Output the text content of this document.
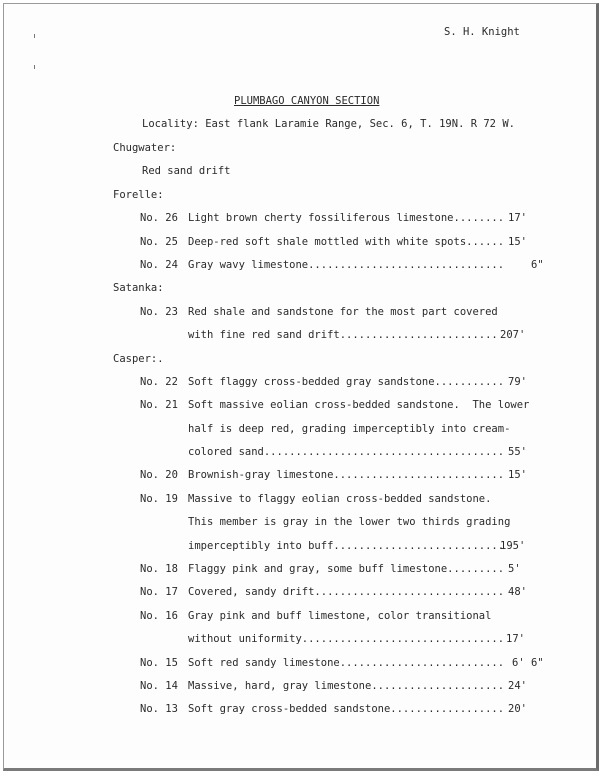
S. H. Knight
PLUMBAGO CANYON SECTION
Locality: East flank Laramie Range, Sec. 6, T. 19N. R 72 W.
Chugwater:
Red sand drift
Forelle:
No. 26 Light brown cherty fossiliferous limestone........ 17'
No. 25 Deep-red soft shale mottled with white spots...... 15'
No. 24 Gray wavy limestone...............................	6"
Satanka:
No. 23 Red shale and sandstone for the most part covered
with fine red sand drift......................... 207'
Casper:.
No. 22 Soft flaggy cross-bedded gray sandstone........... 79'
No. 21 Soft massive eolian cross-bedded sandstone.  The lower
half is deep red, grading imperceptibly into cream-
colored sand...................................... 55'
No. 20 Brownish-gray limestone........................... 15'
No. 19 Massive to flaggy eolian cross-bedded sandstone.
This member is gray in the lower two thirds grading
imperceptibly into buff...........................
195'
No. 18 Flaggy pink and gray, some buff limestone......... 5'
No. 17 Covered, sandy drift.............................. 48'
No. 16 Gray pink and buff limestone, color transitional
without uniformity................................ 17'
No. 15 Soft red sandy limestone.......................... 6' 6"
No. 14 Massive, hard, gray limestone..................... 24'
No. 13 Soft gray cross-bedded sandstone.................. 20'
